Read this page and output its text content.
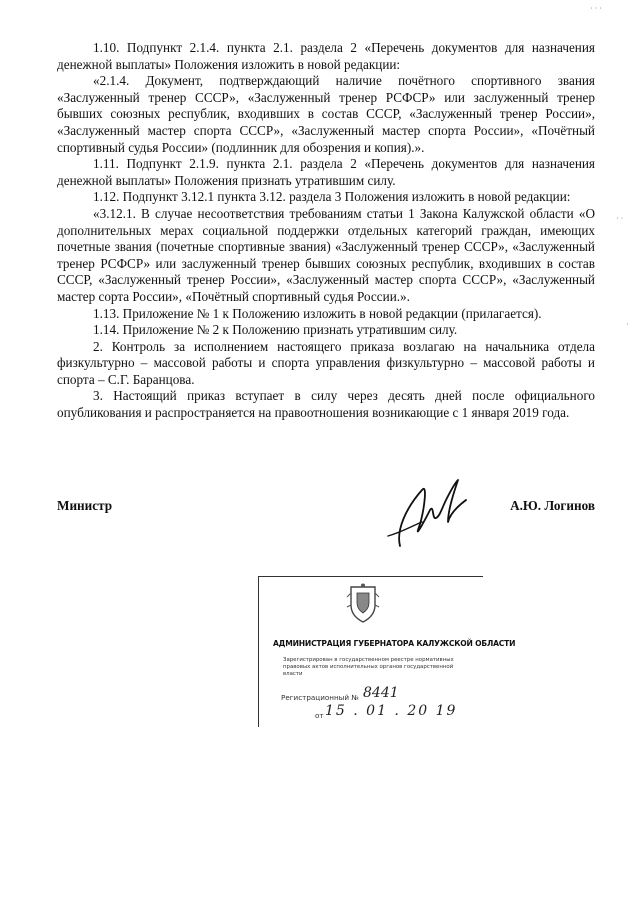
1.10. Подпункт 2.1.4. пункта 2.1. раздела 2 «Перечень документов для назначения денежной выплаты» Положения изложить в новой редакции:

«2.1.4. Документ, подтверждающий наличие почётного спортивного звания «Заслуженный тренер СССР», «Заслуженный тренер РСФСР» или заслуженный тренер бывших союзных республик, входивших в состав СССР, «Заслуженный тренер России», «Заслуженный мастер спорта СССР», «Заслуженный мастер спорта России», «Почётный спортивный судья России» (подлинник для обозрения и копия).».

1.11. Подпункт 2.1.9. пункта 2.1. раздела 2 «Перечень документов для назначения денежной выплаты» Положения признать утратившим силу.

1.12. Подпункт 3.12.1 пункта 3.12. раздела 3 Положения изложить в новой редакции:

«3.12.1. В случае несоответствия требованиям статьи 1 Закона Калужской области «О дополнительных мерах социальной поддержки отдельных категорий граждан, имеющих почетные звания (почетные спортивные звания) «Заслуженный тренер СССР», «Заслуженный тренер РСФСР» или заслуженный тренер бывших союзных республик, входивших в состав СССР, «Заслуженный тренер России», «Заслуженный мастер спорта СССР», «Заслуженный мастер сорта России», «Почётный спортивный судья России.».

1.13. Приложение № 1 к Положению изложить в новой редакции (прилагается).

1.14. Приложение № 2 к Положению признать утратившим силу.

2. Контроль за исполнением настоящего приказа возлагаю на начальника отдела физкультурно – массовой работы и спорта управления физкультурно – массовой работы и спорта – С.Г. Баранцова.

3. Настоящий приказ вступает в силу через десять дней после официального опубликования и распространяется на правоотношения возникающие с 1 января 2019 года.

Министр	А.Ю. Логинов
АДМИНИСТРАЦИЯ ГУБЕРНАТОРА КАЛУЖСКОЙ ОБЛАСТИ
Зарегистрирован в государственном реестре нормативных
правовых актов исполнительных органов государственной
власти
Регистрационный № 8441
от 15 . 01 . 20 19
· · ·
· ·
·
